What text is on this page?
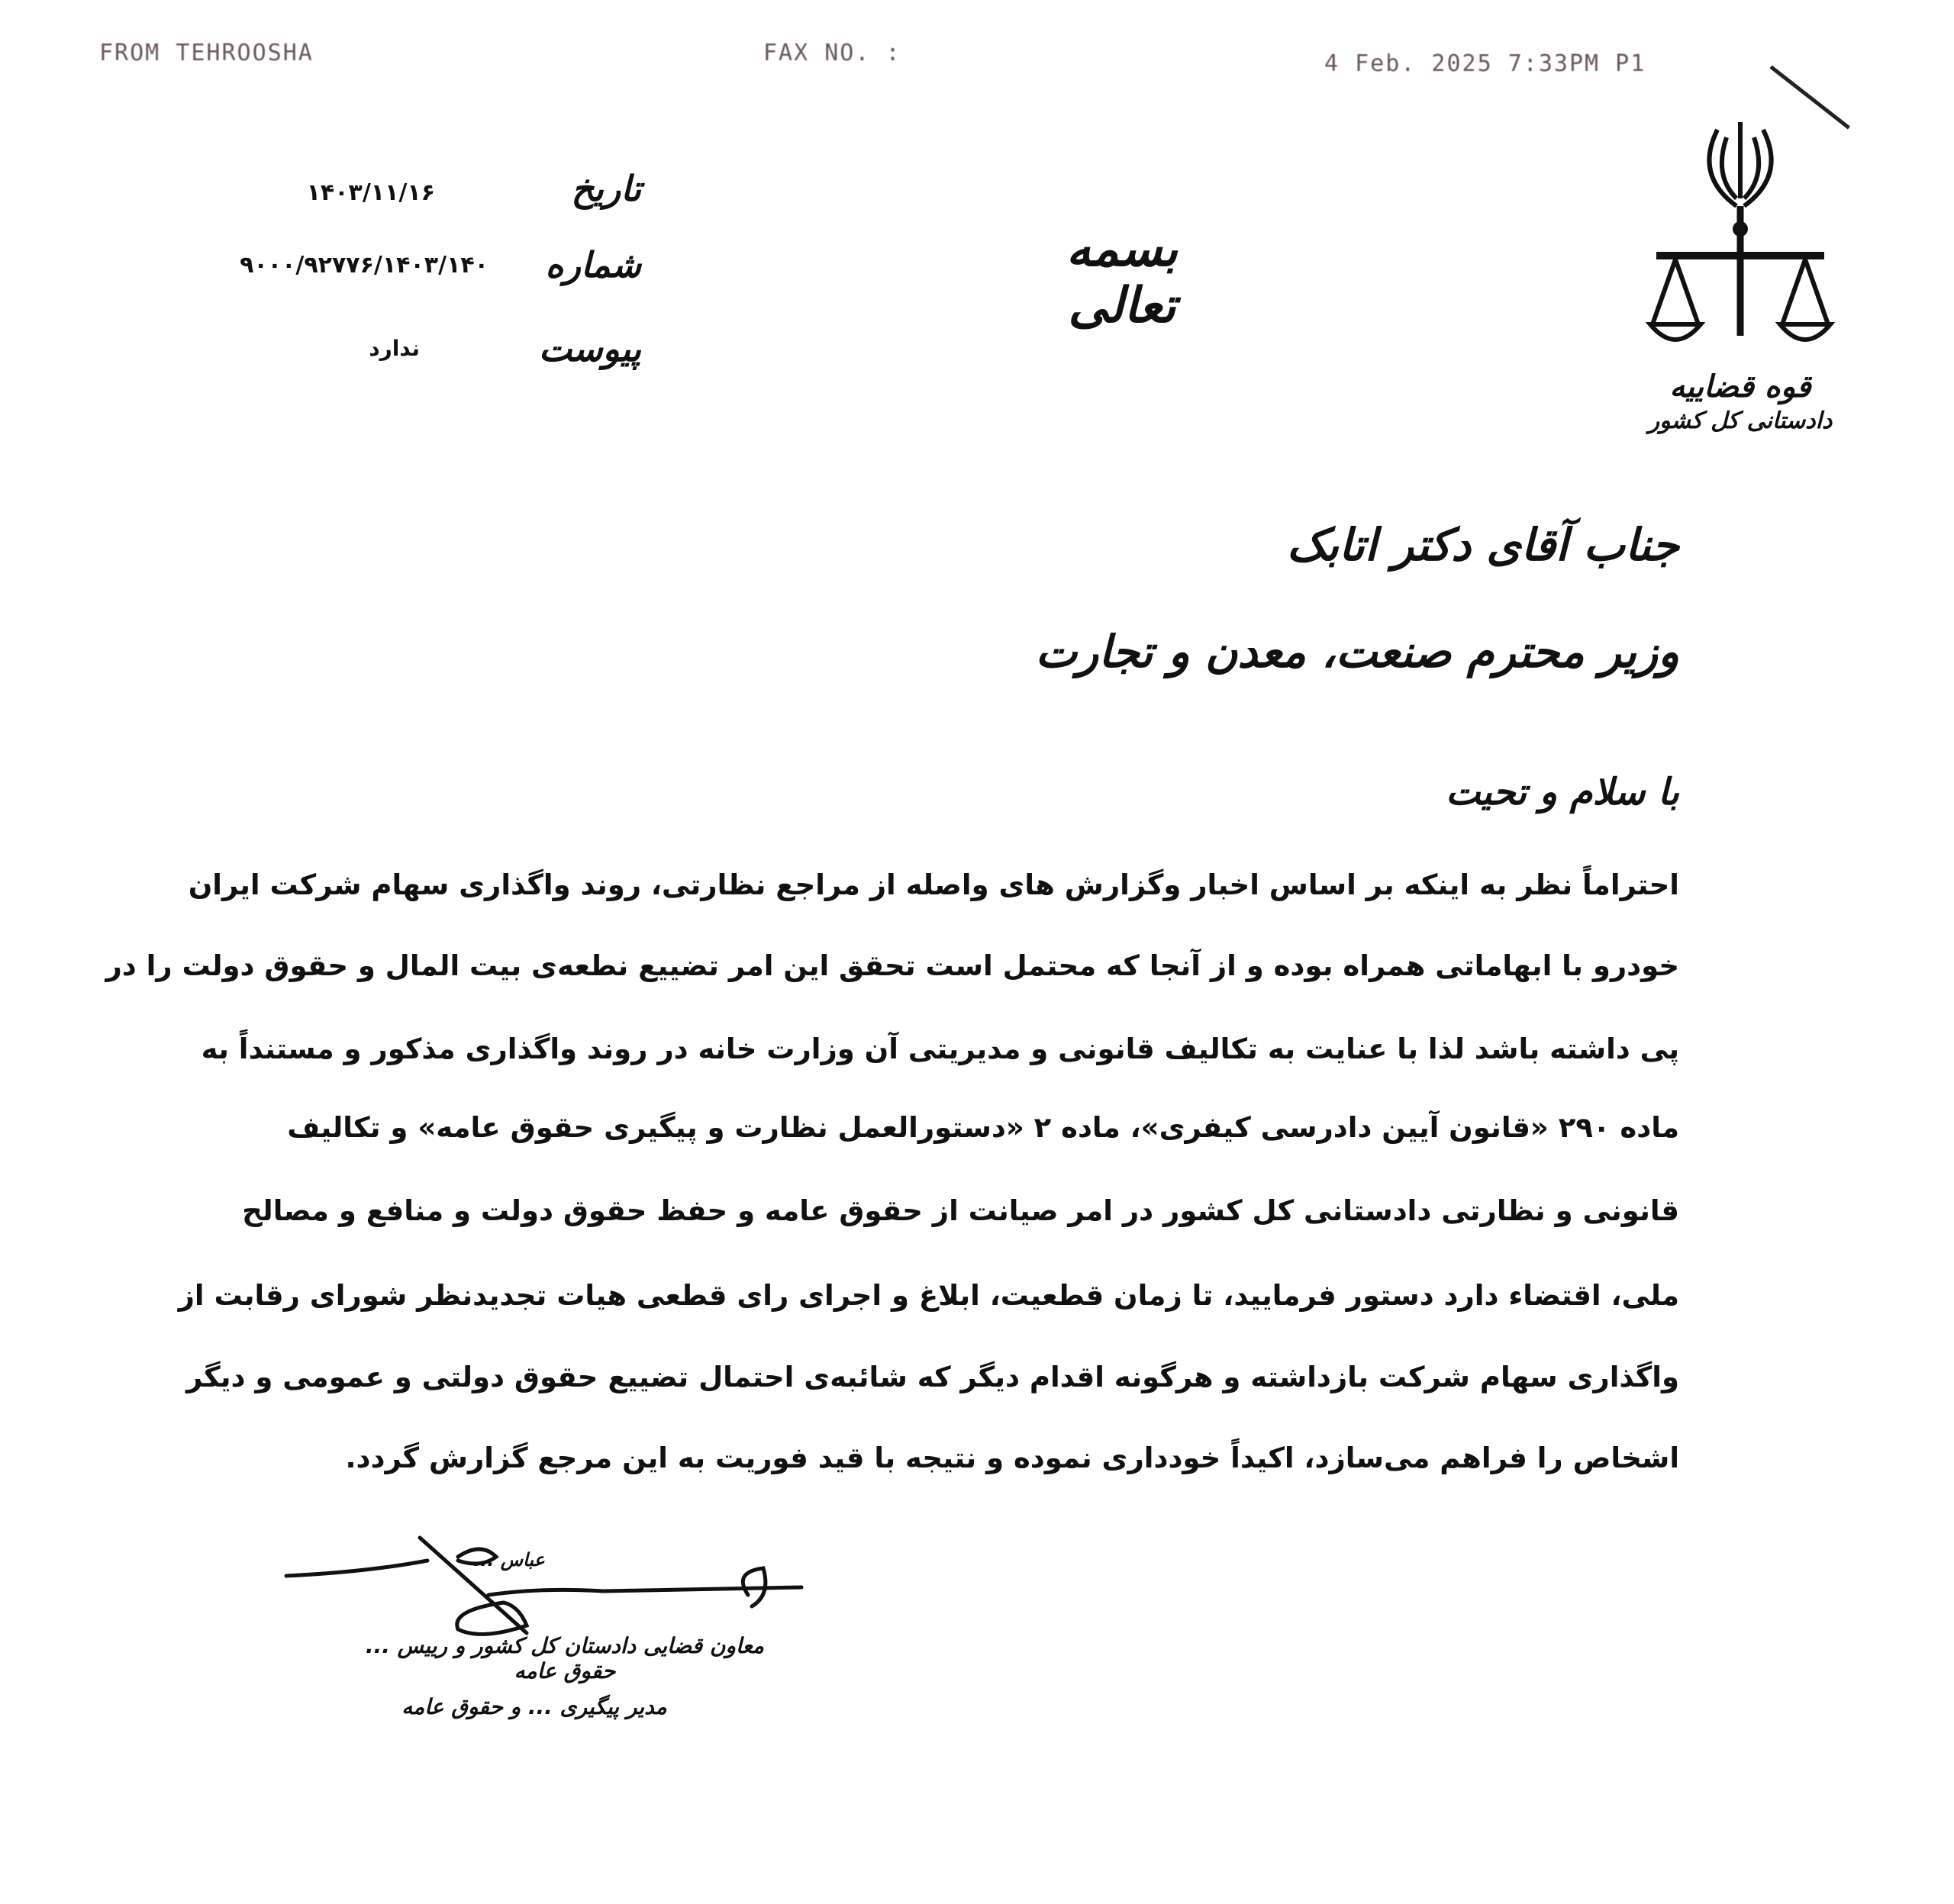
FROM TEHROOSHA	FAX NO. :	4 Feb. 2025 7:33PM P1
تاریخ
۱۴۰۳/۱۱/۱۶
شماره
۹۰۰۰/۹۲۷۷۶/۱۴۰۳/۱۴۰
پیوست
ندارد
بسمه تعالی
قوه قضاییه
دادستانی کل کشور
جناب آقای دکتر اتابک
وزیر محترم صنعت، معدن و تجارت
با سلام و تحیت
احتراماً نظر به اینکه بر اساس اخبار وگزارش های واصله از مراجع نظارتی، روند واگذاری سهام شرکت ایران
خودرو با ابهاماتی همراه بوده و از آنجا که محتمل است تحقق این امر تضییع نطعه‌ی بیت المال و حقوق دولت را در
پی داشته باشد لذا با عنایت به تکالیف قانونی و مدیریتی آن وزارت خانه در روند واگذاری مذکور و مستنداً به
ماده ۲۹۰ «قانون آیین دادرسی کیفری»، ماده ۲ «دستورالعمل نظارت و پیگیری حقوق عامه» و تکالیف
قانونی و نظارتی دادستانی کل کشور در امر صیانت از حقوق عامه و حفظ حقوق دولت و منافع و مصالح
ملی، اقتضاء دارد دستور فرمایید، تا زمان قطعیت، ابلاغ و اجرای رای قطعی هیات تجدیدنظر شورای رقابت از
واگذاری سهام شرکت بازداشته و هرگونه اقدام دیگر که شائبه‌ی احتمال تضییع حقوق دولتی و عمومی و دیگر
اشخاص را فراهم می‌سازد، اکیداً خودداری نموده و نتیجه با قید فوریت به این مرجع گزارش گردد.
عباس ...
معاون قضایی دادستان کل کشور و رییس ... حقوق عامه
مدیر پیگیری ... و حقوق عامه
